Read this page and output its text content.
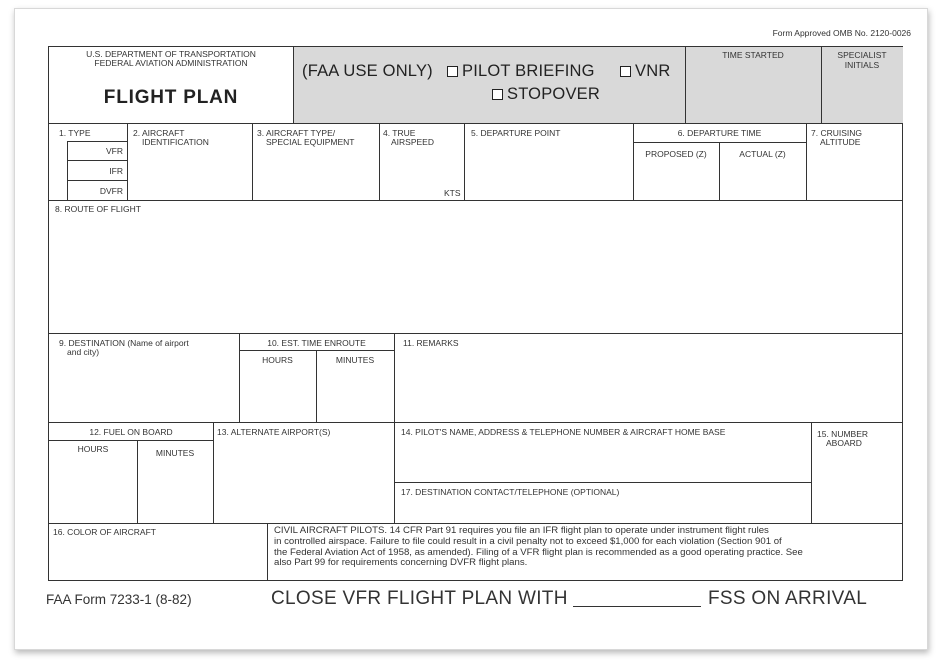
Form Approved OMB No. 2120-0026
U.S. DEPARTMENT OF TRANSPORTATION
FEDERAL AVIATION ADMINISTRATION
FLIGHT PLAN
(FAA USE ONLY)	PILOT BRIEFING	VNR
STOPOVER
TIME STARTED	SPECIALIST
INITIALS
1. TYPE
VFR
IFR
DVFR
2. AIRCRAFT
IDENTIFICATION
3. AIRCRAFT TYPE/
SPECIAL EQUIPMENT
4. TRUE
AIRSPEED
KTS
5. DEPARTURE POINT	6. DEPARTURE TIME
PROPOSED (Z)	ACTUAL (Z)
7. CRUISING
ALTITUDE
8. ROUTE OF FLIGHT
9. DESTINATION (Name of airport
and city)
10. EST. TIME ENROUTE
HOURS	MINUTES
11. REMARKS
12. FUEL ON BOARD
HOURS	MINUTES
13. ALTERNATE AIRPORT(S)	14. PILOT'S NAME, ADDRESS & TELEPHONE NUMBER & AIRCRAFT HOME BASE
17. DESTINATION CONTACT/TELEPHONE (OPTIONAL)
15. NUMBER
ABOARD
16. COLOR OF AIRCRAFT	CIVIL AIRCRAFT PILOTS. 14 CFR Part 91 requires you file an IFR flight plan to operate under instrument flight rules
in controlled airspace. Failure to file could result in a civil penalty not to exceed $1,000 for each violation (Section 901 of
the Federal Aviation Act of 1958, as amended). Filing of a VFR flight plan is recommended as a good operating practice. See
also Part 99 for requirements concerning DVFR flight plans.
FAA Form 7233-1 (8-82)	CLOSE VFR FLIGHT PLAN WITH	FSS ON ARRIVAL
